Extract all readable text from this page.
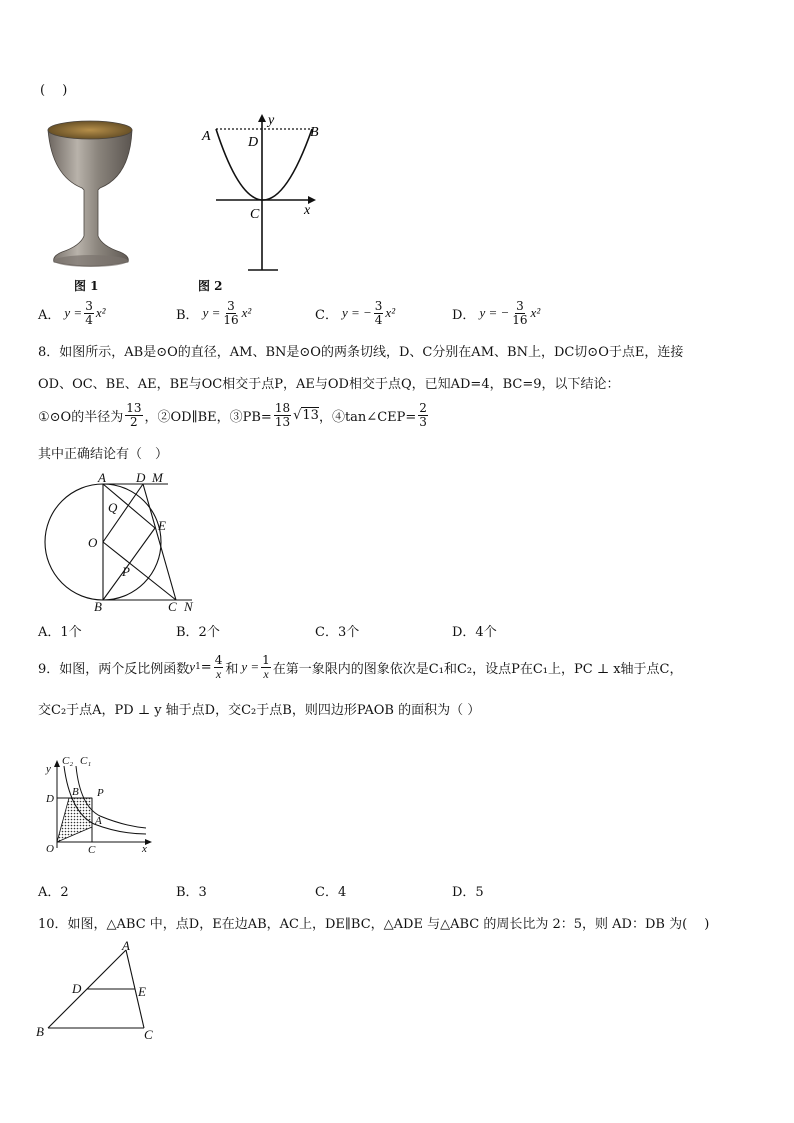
(　 )
图 1
A	B
D
C	x
y
图 2
A． $y = \frac{3}{4} x^2$	B． $y = \frac{3}{16} x^2$	C． y = − $\frac{3}{4} x^2$	D． y = − $\frac{3}{16} x^2$
8．如图所示，AB是⊙O的直径，AM、BN是⊙O的两条切线，D、C分别在AM、BN上，DC切⊙O于点E，连接
OD、OC、BE、AE，BE与OC相交于点P，AE与OD相交于点Q，已知AD=4，BC=9，以下结论：
①⊙O的半径为 $\frac{13}{2}$ ，②OD∥BE，③PB= $\frac{18}{13}$ √ 13 ，④tan∠CEP= $\frac{2}{3}$
其中正确结论有（　）
A D M
Q
E
O
P
B	C N
A．1个	B．2个	C．3个	D．4个
9．如图，两个反比例函数 y $1 = \frac{4}{x}$ 和 $y = \frac{1}{x}$ 在第一象限内的图象依次是C₁和C₂，设点P在C₁上，PC ⊥ x轴于点C，
交C₂于点A，PD ⊥ y 轴于点D，交C₂于点B，则四边形PAOB 的面积为（ ）
y
C₂ C₁
D
B P
A
O	C	x
A．2	B．3	C．4	D．5
10．如图，△ABC 中，点D，E在边AB，AC上，DE∥BC，△ADE 与△ABC 的周长比为 2：5，则 AD：DB 为(　 )
A
D	E
B	C
